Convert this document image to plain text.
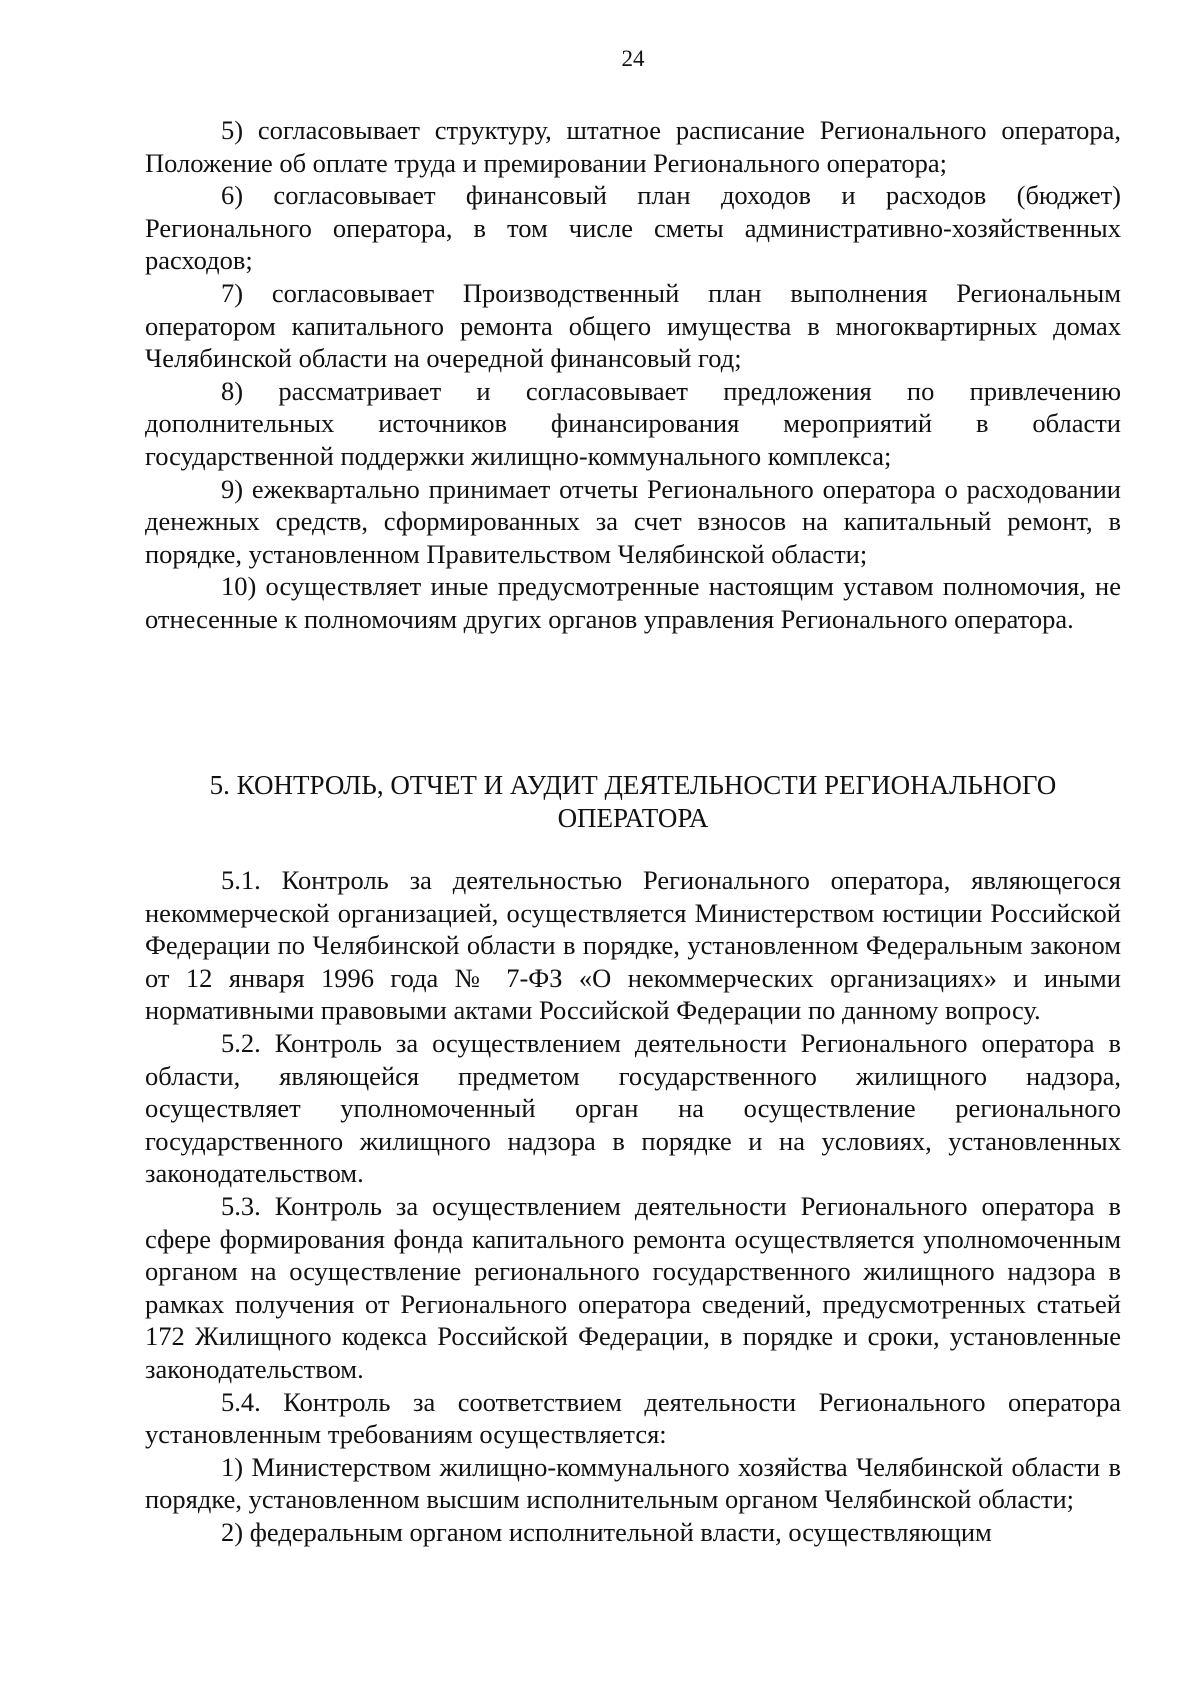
24

5) согласовывает структуру, штатное расписание Регионального оператора, Положение об оплате труда и премировании Регионального оператора;

6) согласовывает финансовый план доходов и расходов (бюджет) Регионального оператора, в том числе сметы административно-хозяйственных расходов;

7) согласовывает Производственный план выполнения Региональным оператором капитального ремонта общего имущества в многоквартирных домах Челябинской области на очередной финансовый год;

8) рассматривает и согласовывает предложения по привлечению дополнительных источников финансирования мероприятий в области государственной поддержки жилищно-коммунального комплекса;

9) ежеквартально принимает отчеты Регионального оператора о расходовании денежных средств, сформированных за счет взносов на капитальный ремонт, в порядке, установленном Правительством Челябинской области;

10) осуществляет иные предусмотренные настоящим уставом полномочия, не отнесенные к полномочиям других органов управления Регионального оператора.

5. КОНТРОЛЬ, ОТЧЕТ И АУДИТ ДЕЯТЕЛЬНОСТИ РЕГИОНАЛЬНОГО
ОПЕРАТОРА

5.1. Контроль за деятельностью Регионального оператора, являющегося некоммерческой организацией, осуществляется Министерством юстиции Российской Федерации по Челябинской области в порядке, установленном Федеральным законом от 12 января 1996 года № 7-ФЗ «О некоммерческих организациях» и иными нормативными правовыми актами Российской Федерации по данному вопросу.

5.2. Контроль за осуществлением деятельности Регионального оператора в области, являющейся предметом государственного жилищного надзора, осуществляет уполномоченный орган на осуществление регионального государственного жилищного надзора в порядке и на условиях, установленных законодательством.

5.3. Контроль за осуществлением деятельности Регионального оператора в сфере формирования фонда капитального ремонта осуществляется уполномоченным органом на осуществление регионального государственного жилищного надзора в рамках получения от Регионального оператора сведений, предусмотренных статьей 172 Жилищного кодекса Российской Федерации, в порядке и сроки, установленные законодательством.

5.4. Контроль за соответствием деятельности Регионального оператора установленным требованиям осуществляется:

1) Министерством жилищно-коммунального хозяйства Челябинской области в порядке, установленном высшим исполнительным органом Челябинской области;

2) федеральным органом исполнительной власти, осуществляющим
